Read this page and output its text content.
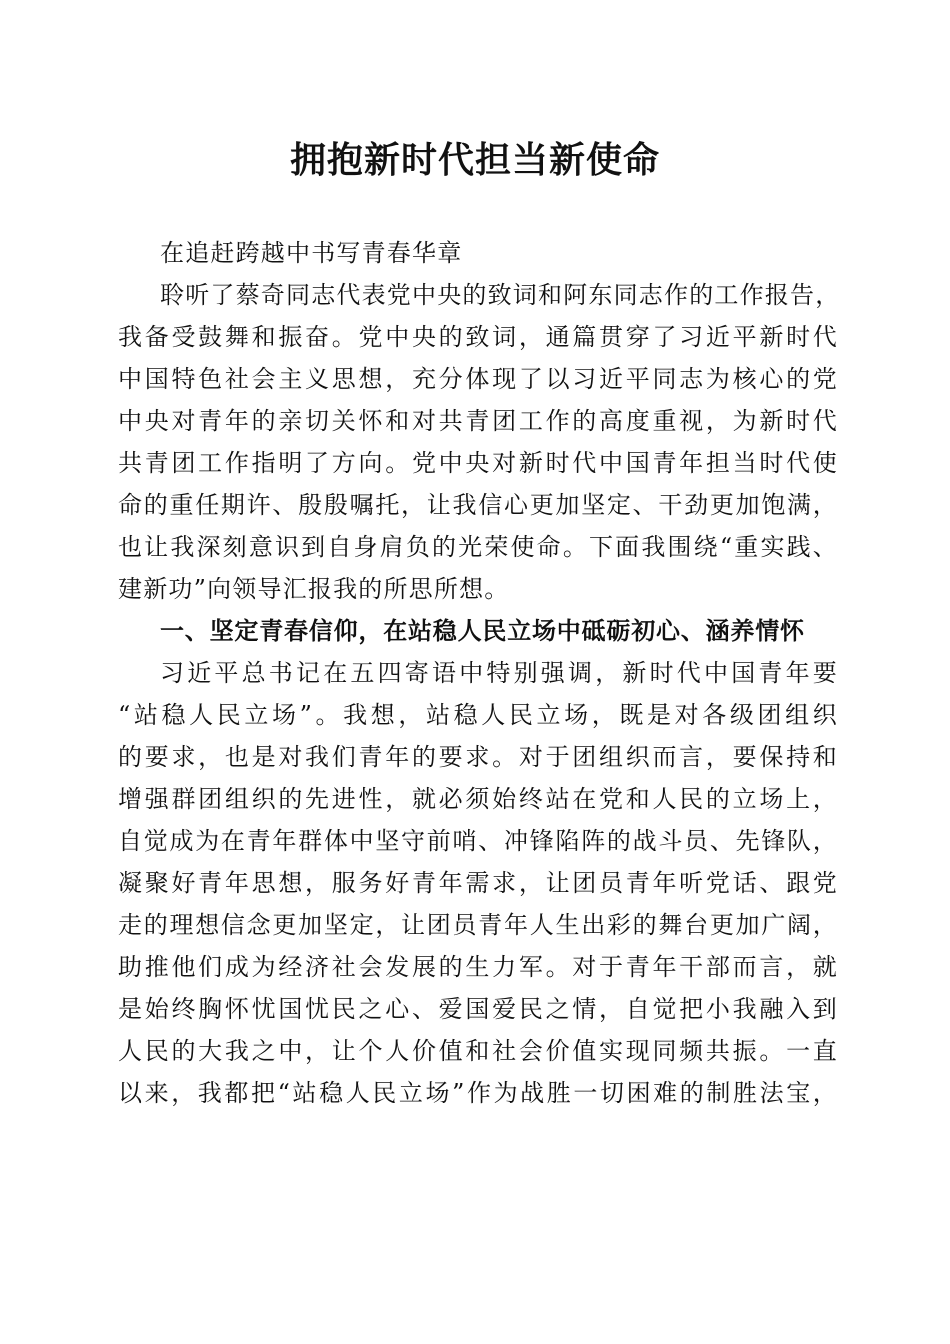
拥抱新时代担当新使命
在追赶跨越中书写青春华章
聆听了蔡奇同志代表党中央的致词和阿东同志作的工作报告，
我备受鼓舞和振奋。党中央的致词，通篇贯穿了习近平新时代
中国特色社会主义思想，充分体现了以习近平同志为核心的党
中央对青年的亲切关怀和对共青团工作的高度重视，为新时代
共青团工作指明了方向。党中央对新时代中国青年担当时代使
命的重任期许、殷殷嘱托，让我信心更加坚定、干劲更加饱满，
也让我深刻意识到自身肩负的光荣使命。下面我围绕“重实践、
建新功”向领导汇报我的所思所想。
一、坚定青春信仰，在站稳人民立场中砥砺初心、涵养情怀
习近平总书记在五四寄语中特别强调，新时代中国青年要
“站稳人民立场”。我想，站稳人民立场，既是对各级团组织
的要求，也是对我们青年的要求。对于团组织而言，要保持和
增强群团组织的先进性，就必须始终站在党和人民的立场上，
自觉成为在青年群体中坚守前哨、冲锋陷阵的战斗员、先锋队，
凝聚好青年思想，服务好青年需求，让团员青年听党话、跟党
走的理想信念更加坚定，让团员青年人生出彩的舞台更加广阔，
助推他们成为经济社会发展的生力军。对于青年干部而言，就
是始终胸怀忧国忧民之心、爱国爱民之情，自觉把小我融入到
人民的大我之中，让个人价值和社会价值实现同频共振。一直
以来，我都把“站稳人民立场”作为战胜一切困难的制胜法宝，
